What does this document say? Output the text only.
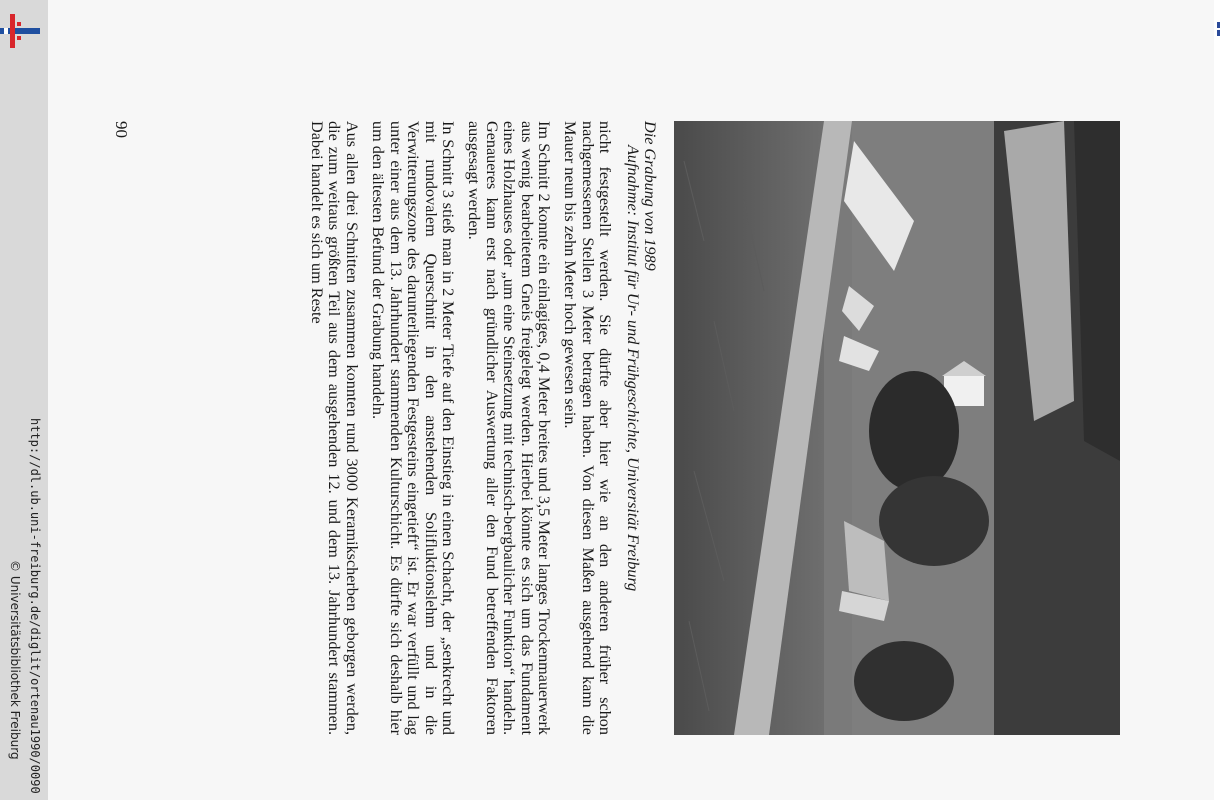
http://dl.ub.uni-freiburg.de/diglit/ortenau1990/0090
© Universitätsbibliothek Freiburg
Die Grabung von 1989
Aufnahme: Institut für Ur- und Frühgeschichte, Universität Freiburg

nicht festgestellt werden. Sie dürfte aber hier wie an den anderen früher schon nachgemessenen Stellen 3 Meter betragen haben. Von diesen Maßen ausgehend kann die Mauer neun bis zehn Meter hoch gewesen sein.

Im Schnitt 2 konnte ein einlagiges, 0,4 Meter breites und 3,5 Meter langes Trockenmauerwerk aus wenig bearbeitetem Gneis freigelegt werden. Hierbei könnte es sich um das Fundament eines Holzhauses oder „um eine Steinsetzung mit technisch-bergbaulicher Funktion“ handeln. Genaueres kann erst nach gründlicher Auswertung aller den Fund betreffenden Faktoren ausgesagt werden.

In Schnitt 3 stieß man in 2 Meter Tiefe auf den Einstieg in einen Schacht, der „senkrecht und mit rundovalem Querschnitt in den anstehenden Solifluktionslehm und in die Verwitterungszone des darunterliegenden Festgesteins eingetieft“ ist. Er war verfüllt und lag unter einer aus dem 13. Jahrhundert stammenden Kulturschicht. Es dürfte sich deshalb hier um den ältesten Befund der Grabung handeln.

Aus allen drei Schnitten zusammen konnten rund 3000 Keramikscherben geborgen werden, die zum weitaus größten Teil aus dem ausgehenden 12. und dem 13. Jahrhundert stammen. Dabei handelt es sich um Reste

90
